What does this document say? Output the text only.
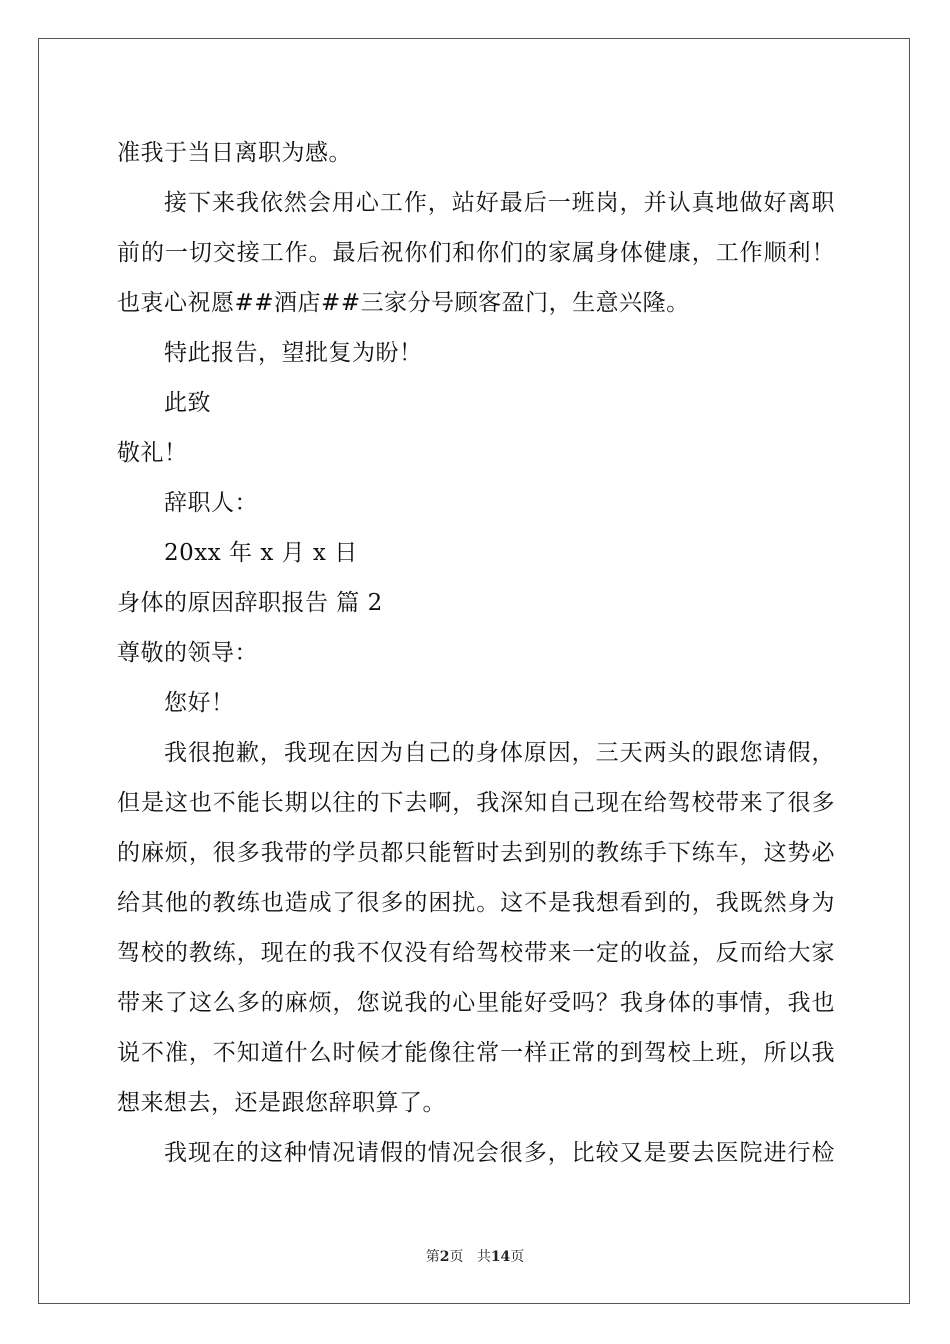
准我于当日离职为感。
接下来我依然会用心工作，站好最后一班岗，并认真地做好离职
前的一切交接工作。最后祝你们和你们的家属身体健康，工作顺利！
也衷心祝愿##酒店##三家分号顾客盈门，生意兴隆。
特此报告，望批复为盼！
此致
敬礼！
辞职人：
20xx 年 x 月 x 日
身体的原因辞职报告 篇 2
尊敬的领导：
您好！
我很抱歉，我现在因为自己的身体原因，三天两头的跟您请假，
但是这也不能长期以往的下去啊，我深知自己现在给驾校带来了很多
的麻烦，很多我带的学员都只能暂时去到别的教练手下练车，这势必
给其他的教练也造成了很多的困扰。这不是我想看到的，我既然身为
驾校的教练，现在的我不仅没有给驾校带来一定的收益，反而给大家
带来了这么多的麻烦，您说我的心里能好受吗？我身体的事情，我也
说不准，不知道什么时候才能像往常一样正常的到驾校上班，所以我
想来想去，还是跟您辞职算了。
我现在的这种情况请假的情况会很多，比较又是要去医院进行检
第2页 共14页
